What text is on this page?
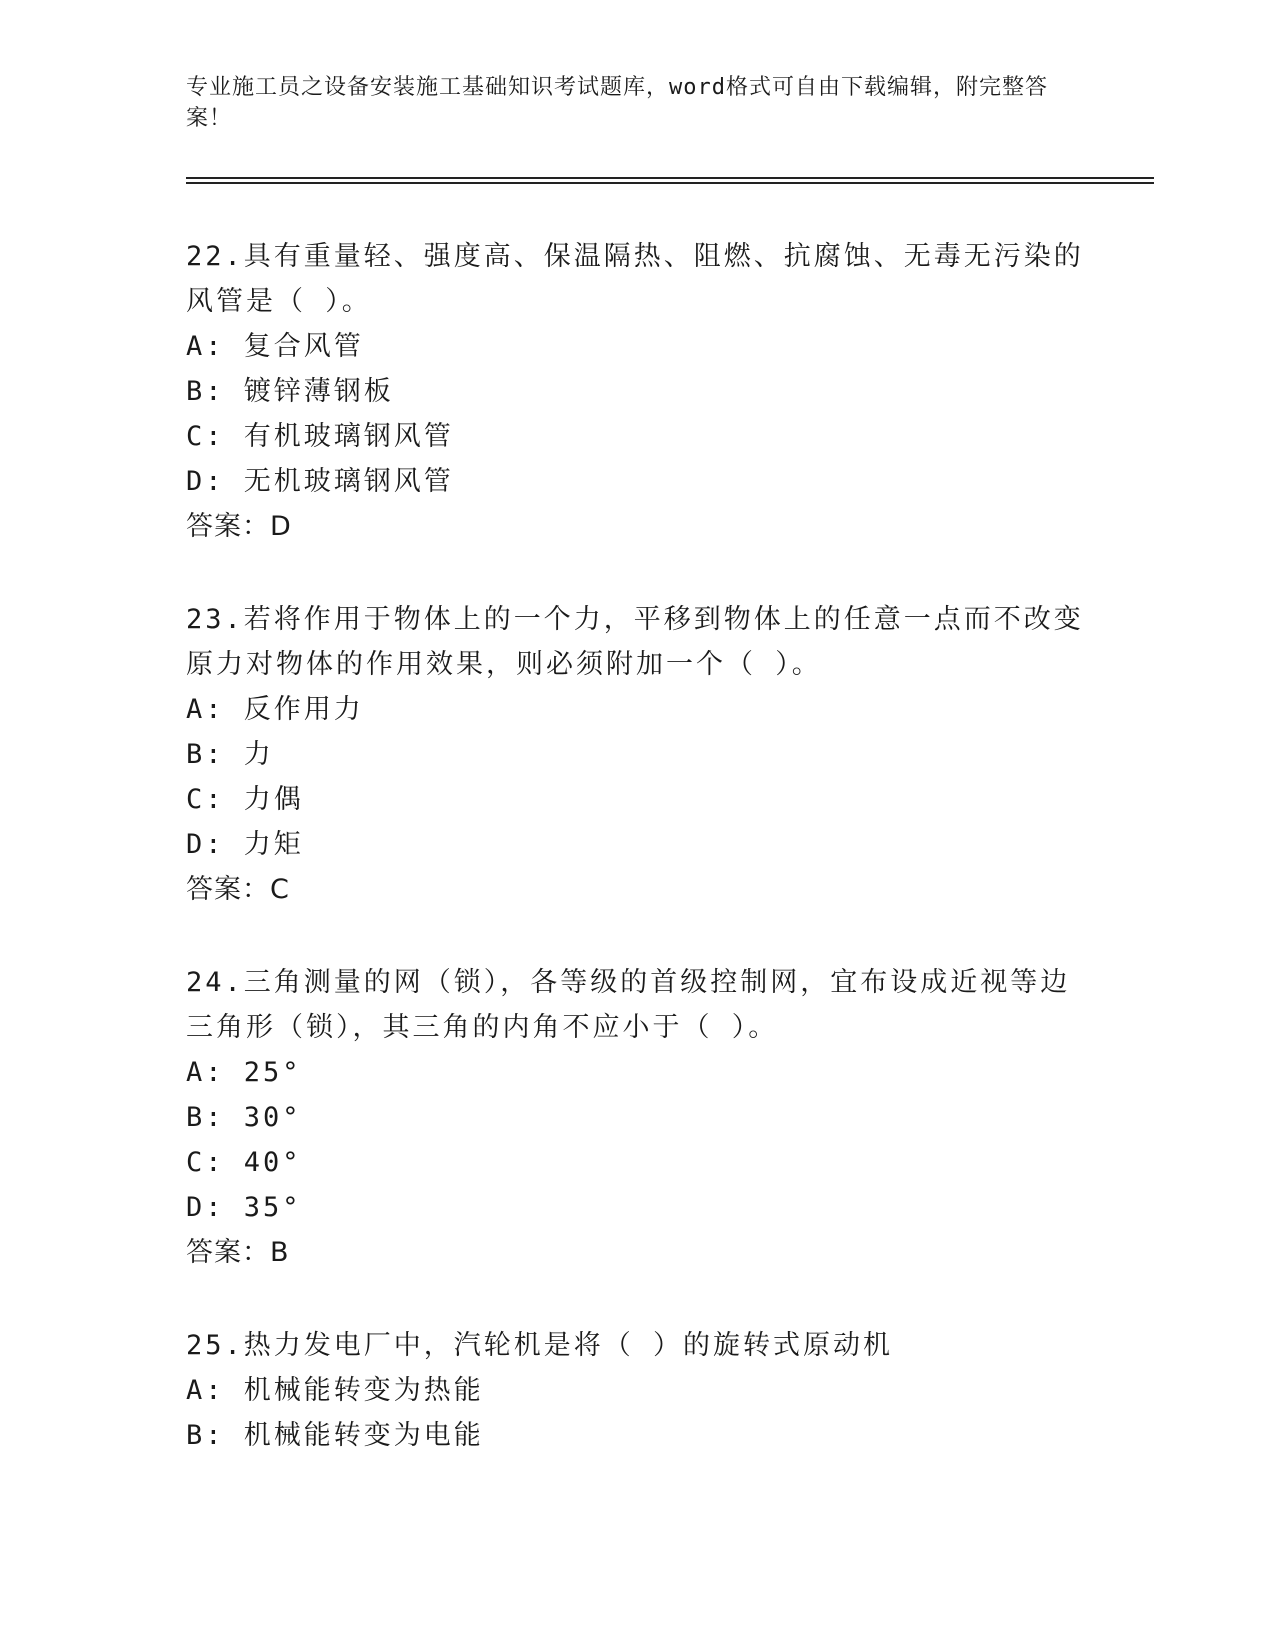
专业施工员之设备安装施工基础知识考试题库，word格式可自由下载编辑，附完整答案！
22.具有重量轻、强度高、保温隔热、阻燃、抗腐蚀、无毒无污染的风管是（ ）。
A: 复合风管
B: 镀锌薄钢板
C: 有机玻璃钢风管
D: 无机玻璃钢风管
答案：D
23.若将作用于物体上的一个力，平移到物体上的任意一点而不改变原力对物体的作用效果，则必须附加一个（ ）。
A: 反作用力
B: 力
C: 力偶
D: 力矩
答案：C
24.三角测量的网（锁），各等级的首级控制网，宜布设成近视等边三角形（锁），其三角的内角不应小于（ ）。
A: 25°
B: 30°
C: 40°
D: 35°
答案：B
25.热力发电厂中，汽轮机是将（ ）的旋转式原动机
A: 机械能转变为热能
B: 机械能转变为电能
